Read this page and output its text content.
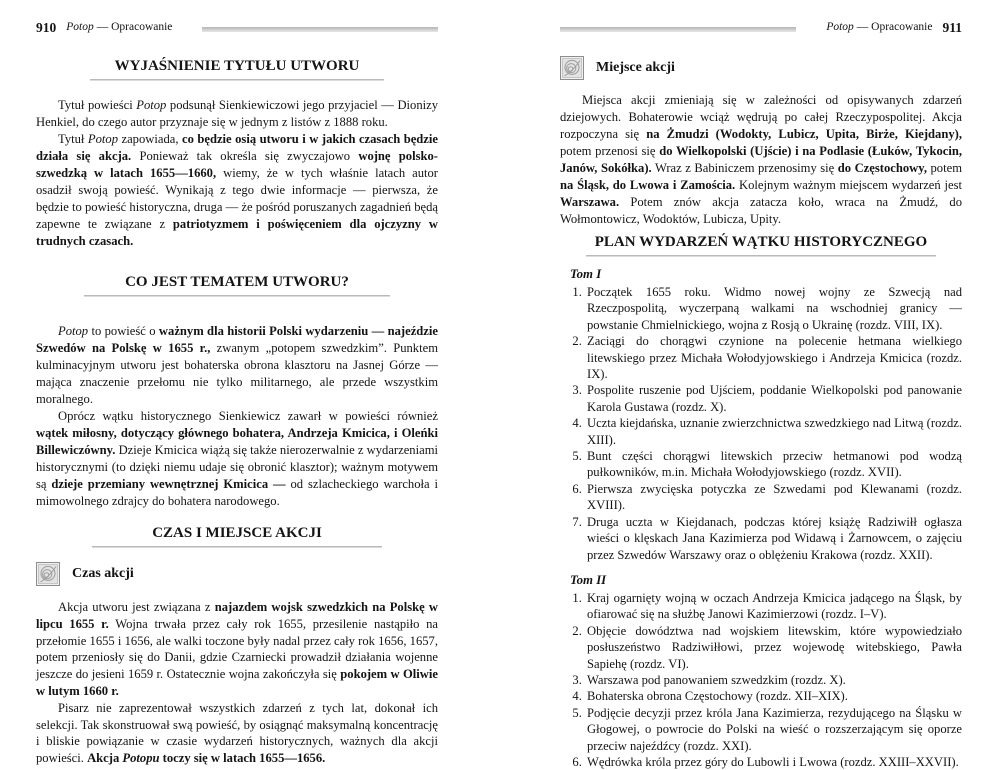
910 Potop — Opracowanie
WYJAŚNIENIE TYTUŁU UTWORU

Tytuł powieści Potop podsunął Sienkiewiczowi jego przyjaciel — Dionizy Henkiel, do czego autor przyznaje się w jednym z listów z 1888 roku.

Tytuł Potop zapowiada, co będzie osią utworu i w jakich czasach będzie działa się akcja. Ponieważ tak określa się zwyczajowo wojnę polsko-szwedzką w latach 1655—1660, wiemy, że w tych właśnie latach autor osadził swoją powieść. Wynikają z tego dwie informacje — pierwsza, że będzie to powieść historyczna, druga — że pośród poruszanych zagadnień będą zapewne te związane z patriotyzmem i poświęceniem dla ojczyzny w trudnych czasach.

CO JEST TEMATEM UTWORU?

Potop to powieść o ważnym dla historii Polski wydarzeniu — najeździe Szwedów na Polskę w 1655 r., zwanym „potopem szwedzkim”. Punktem kulminacyjnym utworu jest bohaterska obrona klasztoru na Jasnej Górze — mająca znaczenie przełomu nie tylko militarnego, ale przede wszystkim moralnego.

Oprócz wątku historycznego Sienkiewicz zawarł w powieści również wątek miłosny, dotyczący głównego bohatera, Andrzeja Kmicica, i Oleńki Billewiczówny. Dzieje Kmicica wiążą się także nierozerwalnie z wydarzeniami historycznymi (to dzięki niemu udaje się obronić klasztor); ważnym motywem są dzieje przemiany wewnętrznej Kmicica — od szlacheckiego warchoła i mimowolnego zdrajcy do bohatera narodowego.

CZAS I MIEJSCE AKCJI
Czas akcji

Akcja utworu jest związana z najazdem wojsk szwedzkich na Polskę w lipcu 1655 r. Wojna trwała przez cały rok 1655, przesilenie nastąpiło na przełomie 1655 i 1656, ale walki toczone były nadal przez cały rok 1656, 1657, potem przeniosły się do Danii, gdzie Czarniecki prowadził działania wojenne jeszcze do jesieni 1659 r. Ostatecznie wojna zakończyła się pokojem w Oliwie w lutym 1660 r.

Pisarz nie zaprezentował wszystkich zdarzeń z tych lat, dokonał ich selekcji. Tak skonstruował swą powieść, by osiągnąć maksymalną koncentrację i bliskie powiązanie w czasie wydarzeń historycznych, ważnych dla akcji powieści. Akcja Potopu toczy się w latach 1655—1656.

Potop — Opracowanie 911
Miejsce akcji

Miejsca akcji zmieniają się w zależności od opisywanych zdarzeń dziejowych. Bohaterowie wciąż wędrują po całej Rzeczypospolitej. Akcja rozpoczyna się na Żmudzi (Wodokty, Lubicz, Upita, Birże, Kiejdany), potem przenosi się do Wielkopolski (Ujście) i na Podlasie (Łuków, Tykocin, Janów, Sokółka). Wraz z Babiniczem przenosimy się do Częstochowy, potem na Śląsk, do Lwowa i Zamościa. Kolejnym ważnym miejscem wydarzeń jest Warszawa. Potem znów akcja zatacza koło, wraca na Żmudź, do Wołmontowicz, Wodoktów, Lubicza, Upity.

PLAN WYDARZEŃ WĄTKU HISTORYCZNEGO
Tom I
1. Początek 1655 roku. Widmo nowej wojny ze Szwecją nad Rzeczpospolitą, wyczerpaną walkami na wschodniej granicy — powstanie Chmielnickiego, wojna z Rosją o Ukrainę (rozdz. VIII, IX).
2. Zaciągi do chorągwi czynione na polecenie hetmana wielkiego litewskiego przez Michała Wołodyjowskiego i Andrzeja Kmicica (rozdz. IX).
3. Pospolite ruszenie pod Ujściem, poddanie Wielkopolski pod panowanie Karola Gustawa (rozdz. X).
4. Uczta kiejdańska, uznanie zwierzchnictwa szwedzkiego nad Litwą (rozdz. XIII).
5. Bunt części chorągwi litewskich przeciw hetmanowi pod wodzą pułkowników, m.in. Michała Wołodyjowskiego (rozdz. XVII).
6. Pierwsza zwycięska potyczka ze Szwedami pod Klewanami (rozdz. XVIII).
7. Druga uczta w Kiejdanach, podczas której książę Radziwiłł ogłasza wieści o klęskach Jana Kazimierza pod Widawą i Żarnowcem, o zajęciu przez Szwedów Warszawy oraz o oblężeniu Krakowa (rozdz. XXII).
Tom II
1. Kraj ogarnięty wojną w oczach Andrzeja Kmicica jadącego na Śląsk, by ofiarować się na służbę Janowi Kazimierzowi (rozdz. I–V).
2. Objęcie dowództwa nad wojskiem litewskim, które wypowiedziało posłuszeństwo Radziwiłłowi, przez wojewodę witebskiego, Pawła Sapiehę (rozdz. VI).
3. Warszawa pod panowaniem szwedzkim (rozdz. X).
4. Bohaterska obrona Częstochowy (rozdz. XII–XIX).
5. Podjęcie decyzji przez króla Jana Kazimierza, rezydującego na Śląsku w Głogowej, o powrocie do Polski na wieść o rozszerzającym się oporze przeciw najeźdźcy (rozdz. XXI).
6. Wędrówka króla przez góry do Lubowli i Lwowa (rozdz. XXIII–XXVII).
